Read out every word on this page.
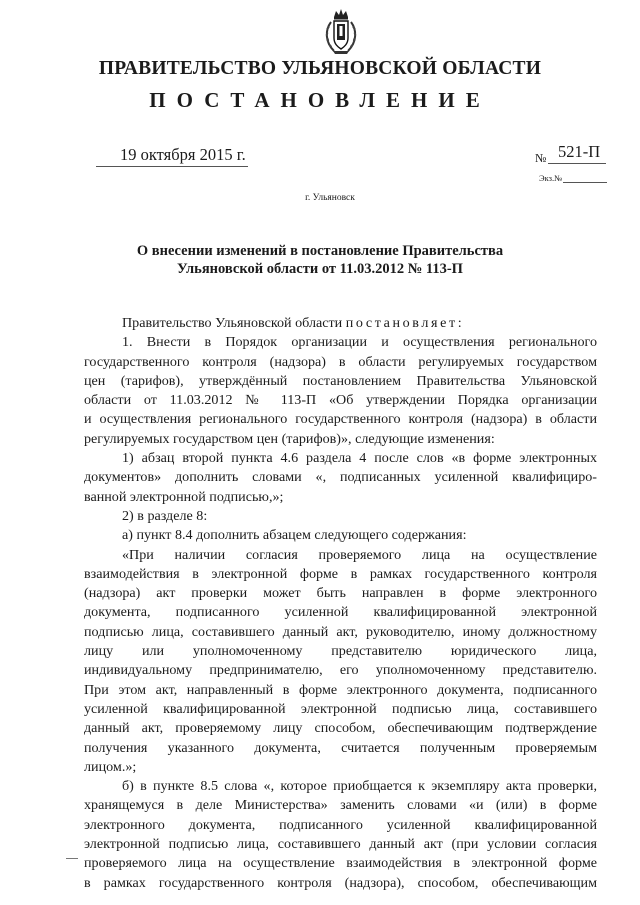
ПРАВИТЕЛЬСТВО УЛЬЯНОВСКОЙ ОБЛАСТИ
ПОСТАНОВЛЕНИЕ
19 октября 2015 г.	№ 521-П
Экз.№
г. Ульяновск
О внесении изменений в постановление Правительства
Ульяновской области от 11.03.2012 № 113-П

Правительство Ульяновской области постановляет:

1. Внести в Порядок организации и осуществления регионального

государственного контроля (надзора) в области регулируемых государством

цен (тарифов), утверждённый постановлением Правительства Ульяновской

области от 11.03.2012 № 113-П «Об утверждении Порядка организации

и осуществления регионального государственного контроля (надзора) в области

регулируемых государством цен (тарифов)», следующие изменения:

1) абзац второй пункта 4.6 раздела 4 после слов «в форме электронных

документов» дополнить словами «, подписанных усиленной квалифициро-

ванной электронной подписью,»;

2) в разделе 8:

а) пункт 8.4 дополнить абзацем следующего содержания:

«При наличии согласия проверяемого лица на осуществление

взаимодействия в электронной форме в рамках государственного контроля

(надзора) акт проверки может быть направлен в форме электронного

документа, подписанного усиленной квалифицированной электронной

подписью лица, составившего данный акт, руководителю, иному должностному

лицу или уполномоченному представителю юридического лица,

индивидуальному предпринимателю, его уполномоченному представителю.

При этом акт, направленный в форме электронного документа, подписанного

усиленной квалифицированной электронной подписью лица, составившего

данный акт, проверяемому лицу способом, обеспечивающим подтверждение

получения указанного документа, считается полученным проверяемым

лицом.»;

б) в пункте 8.5 слова «, которое приобщается к экземпляру акта проверки,

хранящемуся в деле Министерства» заменить словами «и (или) в форме

электронного документа, подписанного усиленной квалифицированной

электронной подписью лица, составившего данный акт (при условии согласия

проверяемого лица на осуществление взаимодействия в электронной форме

в рамках государственного контроля (надзора), способом, обеспечивающим
